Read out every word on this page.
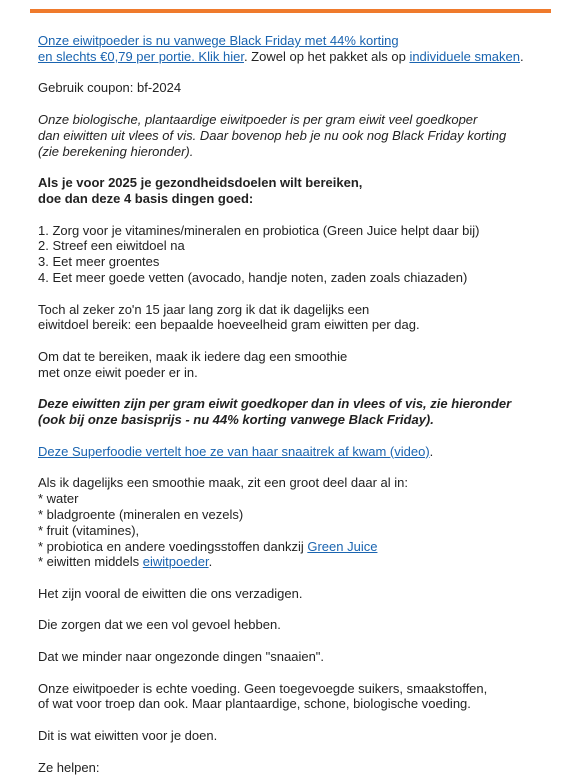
Onze eiwitpoeder is nu vanwege Black Friday met 44% korting
en slechts €0,79 per portie. Klik hier. Zowel op het pakket als op individuele smaken.

Gebruik coupon: bf-2024

Onze biologische, plantaardige eiwitpoeder is per gram eiwit veel goedkoper
dan eiwitten uit vlees of vis. Daar bovenop heb je nu ook nog Black Friday korting
(zie berekening hieronder).

Als je voor 2025 je gezondheidsdoelen wilt bereiken,
doe dan deze 4 basis dingen goed:

1. Zorg voor je vitamines/mineralen en probiotica (Green Juice helpt daar bij)
2. Streef een eiwitdoel na
3. Eet meer groentes
4. Eet meer goede vetten (avocado, handje noten, zaden zoals chiazaden)

Toch al zeker zo'n 15 jaar lang zorg ik dat ik dagelijks een
eiwitdoel bereik: een bepaalde hoeveelheid gram eiwitten per dag.

Om dat te bereiken, maak ik iedere dag een smoothie
met onze eiwit poeder er in.

Deze eiwitten zijn per gram eiwit goedkoper dan in vlees of vis, zie hieronder
(ook bij onze basisprijs - nu 44% korting vanwege Black Friday).

Deze Superfoodie vertelt hoe ze van haar snaaitrek af kwam (video).

Als ik dagelijks een smoothie maak, zit een groot deel daar al in:
* water
* bladgroente (mineralen en vezels)
* fruit (vitamines),
* probiotica en andere voedingsstoffen dankzij Green Juice
* eiwitten middels eiwitpoeder.

Het zijn vooral de eiwitten die ons verzadigen.

Die zorgen dat we een vol gevoel hebben.

Dat we minder naar ongezonde dingen "snaaien".

Onze eiwitpoeder is echte voeding. Geen toegevoegde suikers, smaakstoffen,
of wat voor troep dan ook. Maar plantaardige, schone, biologische voeding.

Dit is wat eiwitten voor je doen.

Ze helpen:
